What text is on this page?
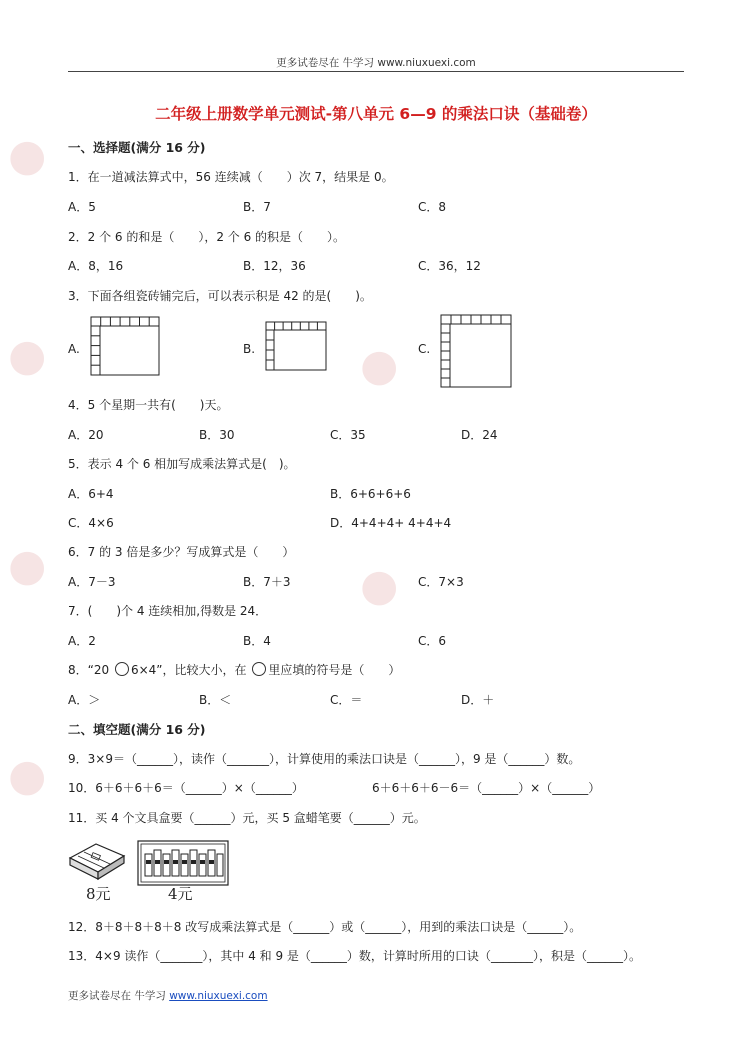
●
●
●
●
●
●
更多试卷尽在 牛学习 www.niuxuexi.com
二年级上册数学单元测试-第八单元 6—9 的乘法口诀（基础卷）
一、选择题(满分 16 分)
1．在一道减法算式中，56 连续减（　　）次 7，结果是 0。
A．5	B．7	C．8
2．2 个 6 的和是（　　），2 个 6 的积是（　　）。
A．8，16	B．12，36	C．36，12
3．下面各组瓷砖铺完后，可以表示积是 42 的是(　　)。
A.	B.	C.
4．5 个星期一共有(　　)天。
A．20	B．30	C．35	D．24
5．表示 4 个 6 相加写成乘法算式是(　)。
A．6+4	B．6+6+6+6
C．4×6	D．4+4+4+ 4+4+4
6．7 的 3 倍是多少？写成算式是（　　）
A．7－3	B．7＋3	C．7×3
7．(　　)个 4 连续相加,得数是 24．
A．2	B．4	C．6
8．“20 6×4”，比较大小，在 里应填的符号是（　　）
A．＞	B．＜	C．＝	D．＋
二、填空题(满分 16 分)
9．3×9＝（______），读作（_______），计算使用的乘法口诀是（______），9 是（______）数。
10．6＋6＋6＋6＝（______）×（______）	6＋6＋6＋6－6＝（______）×（______）
11．买 4 个文具盒要（______）元，买 5 盒蜡笔要（______）元。
8元	4元
12．8＋8＋8＋8＋8 改写成乘法算式是（______）或（______），用到的乘法口诀是（______）。
13．4×9 读作（_______），其中 4 和 9 是（______）数，计算时所用的口诀（_______），积是（______）。
更多试卷尽在 牛学习 www.niuxuexi.com
